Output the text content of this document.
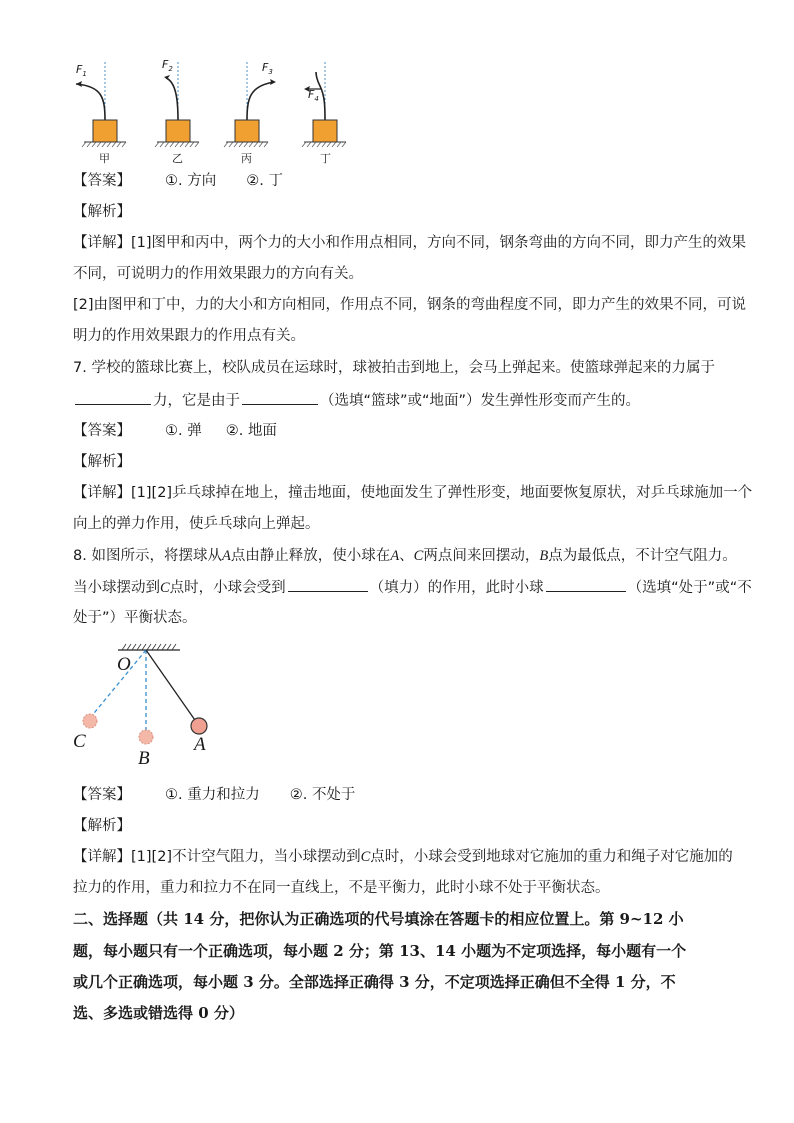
$F_1$
$F_2$	$F_3$
$F_4$
甲	乙	丙	丁
【答案】 ①. 方向 ②. 丁
【解析】
【详解】[1]图甲和丙中，两个力的大小和作用点相同，方向不同，钢条弯曲的方向不同，即力产生的效果
不同，可说明力的作用效果跟力的方向有关。
[2]由图甲和丁中，力的大小和方向相同，作用点不同，钢条的弯曲程度不同，即力产生的效果不同，可说
明力的作用效果跟力的作用点有关。
7. 学校的篮球比赛上，校队成员在运球时，球被拍击到地上，会马上弹起来。使篮球弹起来的力属于
力，它是由于	（选填“篮球”或“地面”）发生弹性形变而产生的。
【答案】 ①. 弹 ②. 地面
【解析】
【详解】[1][2]乒乓球掉在地上，撞击地面，使地面发生了弹性形变，地面要恢复原状，对乒乓球施加一个
向上的弹力作用，使乒乓球向上弹起。
8. 如图所示，将摆球从A点由静止释放，使小球在A、C两点间来回摆动，B点为最低点，不计空气阻力。
当小球摆动到C点时，小球会受到	（填力）的作用，此时小球	（选填“处于”或“不
处于”）平衡状态。
O
C
B
A
【答案】 ①. 重力和拉力 ②. 不处于
【解析】
【详解】[1][2]不计空气阻力，当小球摆动到C点时，小球会受到地球对它施加的重力和绳子对它施加的
拉力的作用，重力和拉力不在同一直线上，不是平衡力，此时小球不处于平衡状态。
二、选择题（共 14 分，把你认为正确选项的代号填涂在答题卡的相应位置上。第 9~12 小
题，每小题只有一个正确选项，每小题 2 分；第 13、14 小题为不定项选择，每小题有一个
或几个正确选项，每小题 3 分。全部选择正确得 3 分，不定项选择正确但不全得 1 分，不
选、多选或错选得 0 分）
